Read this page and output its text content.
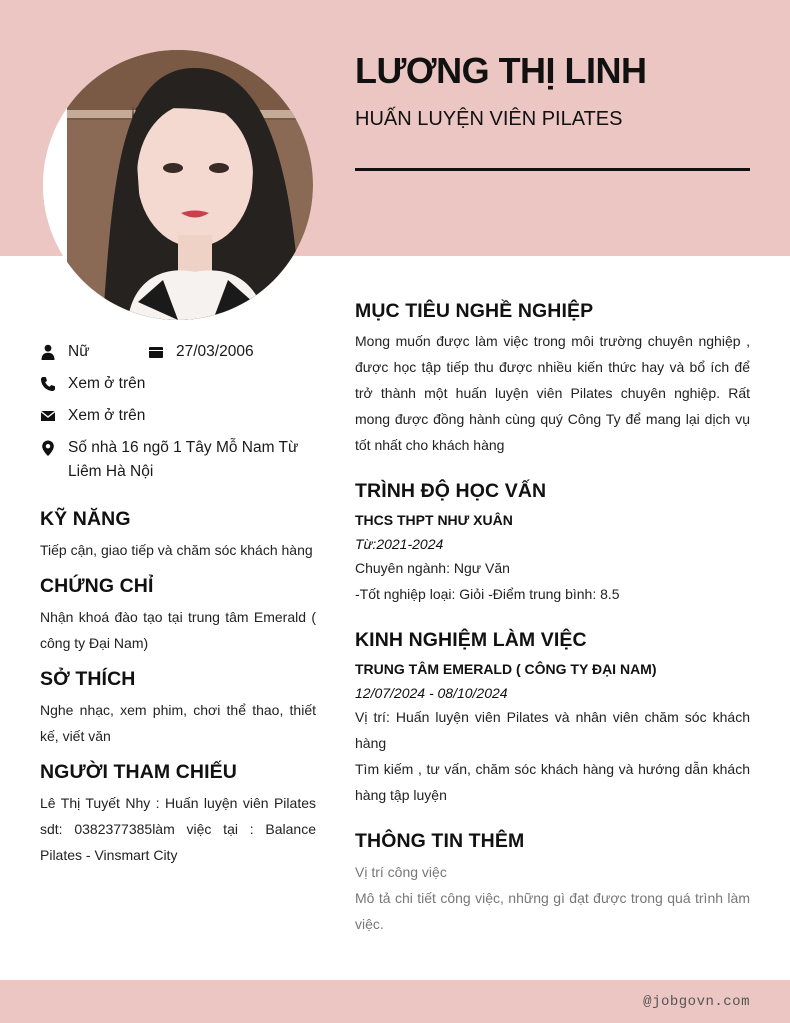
LƯƠNG THỊ LINH
HUẤN LUYỆN VIÊN PILATES
Nữ	27/03/2006
Xem ở trên
Xem ở trên
Số nhà 16 ngõ 1 Tây Mỗ Nam Từ Liêm Hà Nội
KỸ NĂNG

Tiếp cận, giao tiếp và chăm sóc khách hàng

CHỨNG CHỈ

Nhận khoá đào tạo tại trung tâm Emerald ( công ty Đại Nam)

SỞ THÍCH

Nghe nhạc, xem phim, chơi thể thao, thiết kế, viết văn

NGƯỜI THAM CHIẾU

Lê Thị Tuyết Nhy : Huấn luyện viên Pilates sdt: 0382377385làm việc tại : Balance Pilates - Vinsmart City

MỤC TIÊU NGHỀ NGHIỆP

Mong muốn được làm việc trong môi trường chuyên nghiệp , được học tập tiếp thu được nhiều kiến thức hay và bổ ích để trở thành một huấn luyện viên Pilates chuyên nghiệp. Rất mong được đồng hành cùng quý Công Ty để mang lại dịch vụ tốt nhất cho khách hàng

TRÌNH ĐỘ HỌC VẤN

THCS THPT NHƯ XUÂN

Từ:2021-2024

Chuyên ngành: Ngư Văn

-Tốt nghiệp loại: Giỏi -Điểm trung bình: 8.5

KINH NGHIỆM LÀM VIỆC

TRUNG TÂM EMERALD ( CÔNG TY ĐẠI NAM)

12/07/2024 - 08/10/2024

Vị trí: Huấn luyện viên Pilates và nhân viên chăm sóc khách hàng

Tìm kiếm , tư vấn, chăm sóc khách hàng và hướng dẫn khách hàng tập luyện

THÔNG TIN THÊM

Vị trí công việc

Mô tả chi tiết công việc, những gì đạt được trong quá trình làm việc.

@jobgovn.com
